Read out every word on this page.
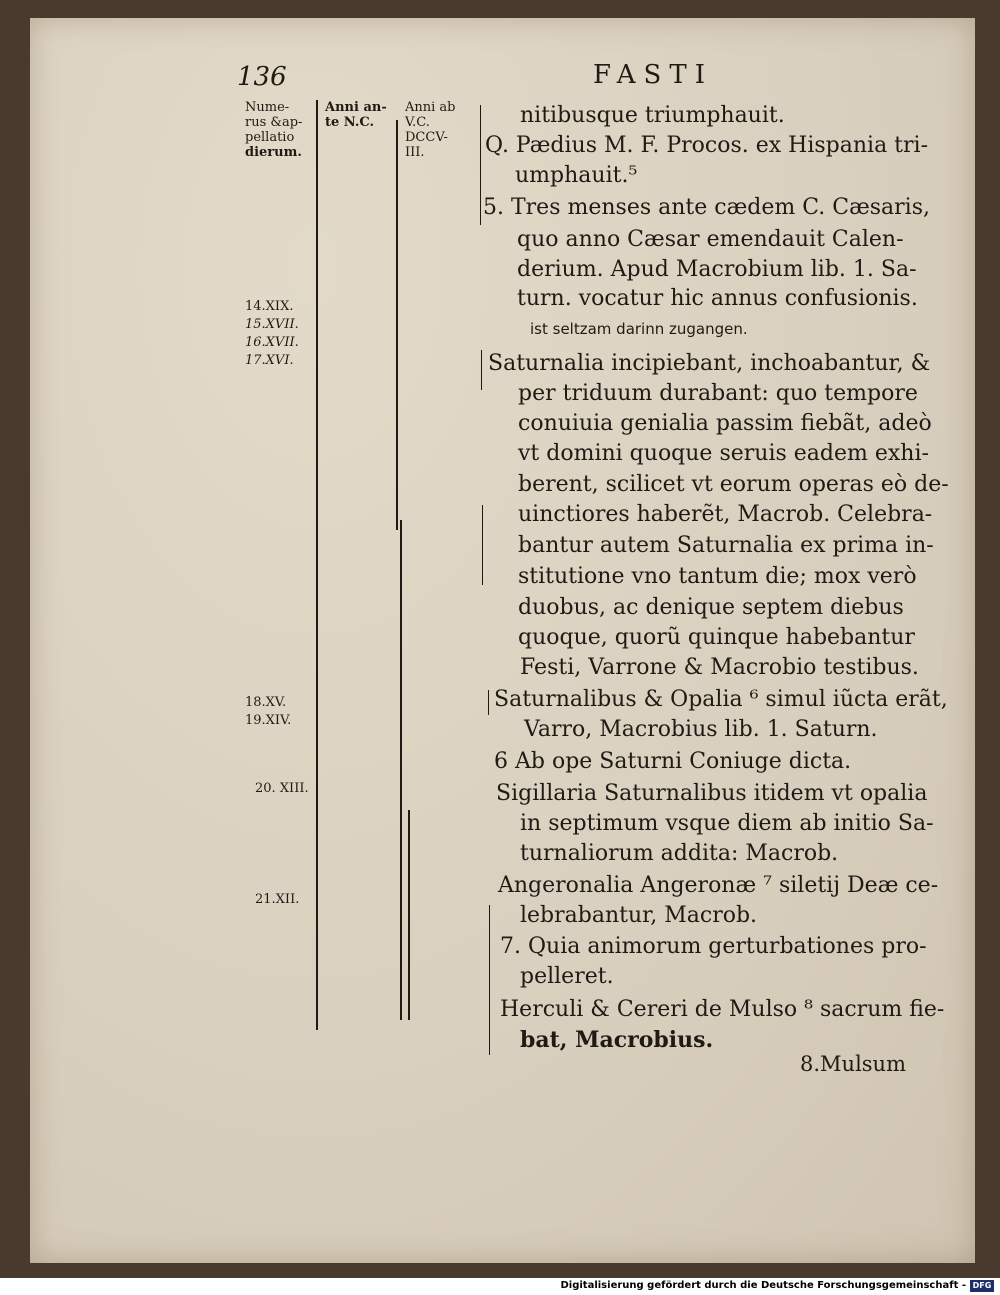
136	FASTI
Nume-
rus &ap-
pellatio
dierum.
Anni an-
te N.C.
Anni ab
V.C.
DCCV-
III.
14.XIX.
15.XVII.
16.XVII.
17.XVI.
18.XV.
19.XIV.
20. XIII.
21.XII.
nitibusque triumphauit.
Q. Pædius M. F. Procos. ex Hispania tri-
umphauit.⁵
5. Tres menses ante cædem C. Cæsaris,
quo anno Cæsar emendauit Calen-
derium. Apud Macrobium lib. 1. Sa-
turn. vocatur hic annus confusionis.
ist seltzam darinn zugangen.
Saturnalia incipiebant, inchoabantur, &
per triduum durabant: quo tempore
conuiuia genialia passim fiebãt, adeò
vt domini quoque seruis eadem exhi-
berent, scilicet vt eorum operas eò de-
uinctiores haberẽt, Macrob. Celebra-
bantur autem Saturnalia ex prima in-
stitutione vno tantum die; mox verò
duobus, ac denique septem diebus
quoque, quorũ quinque habebantur
Festi, Varrone & Macrobio testibus.
Saturnalibus & Opalia ⁶ simul iũcta erãt,
Varro, Macrobius lib. 1. Saturn.
6 Ab ope Saturni Coniuge dicta.
Sigillaria Saturnalibus itidem vt opalia
in septimum vsque diem ab initio Sa-
turnaliorum addita: Macrob.
Angeronalia Angeronæ ⁷ siletij Deæ ce-
lebrabantur, Macrob.
7. Quia animorum gerturbationes pro-
pelleret.
Herculi & Cereri de Mulso ⁸ sacrum fie-
bat, Macrobius.
8.Mulsum
Digitalisierung gefördert durch die Deutsche Forschungsgemeinschaft - DFG
